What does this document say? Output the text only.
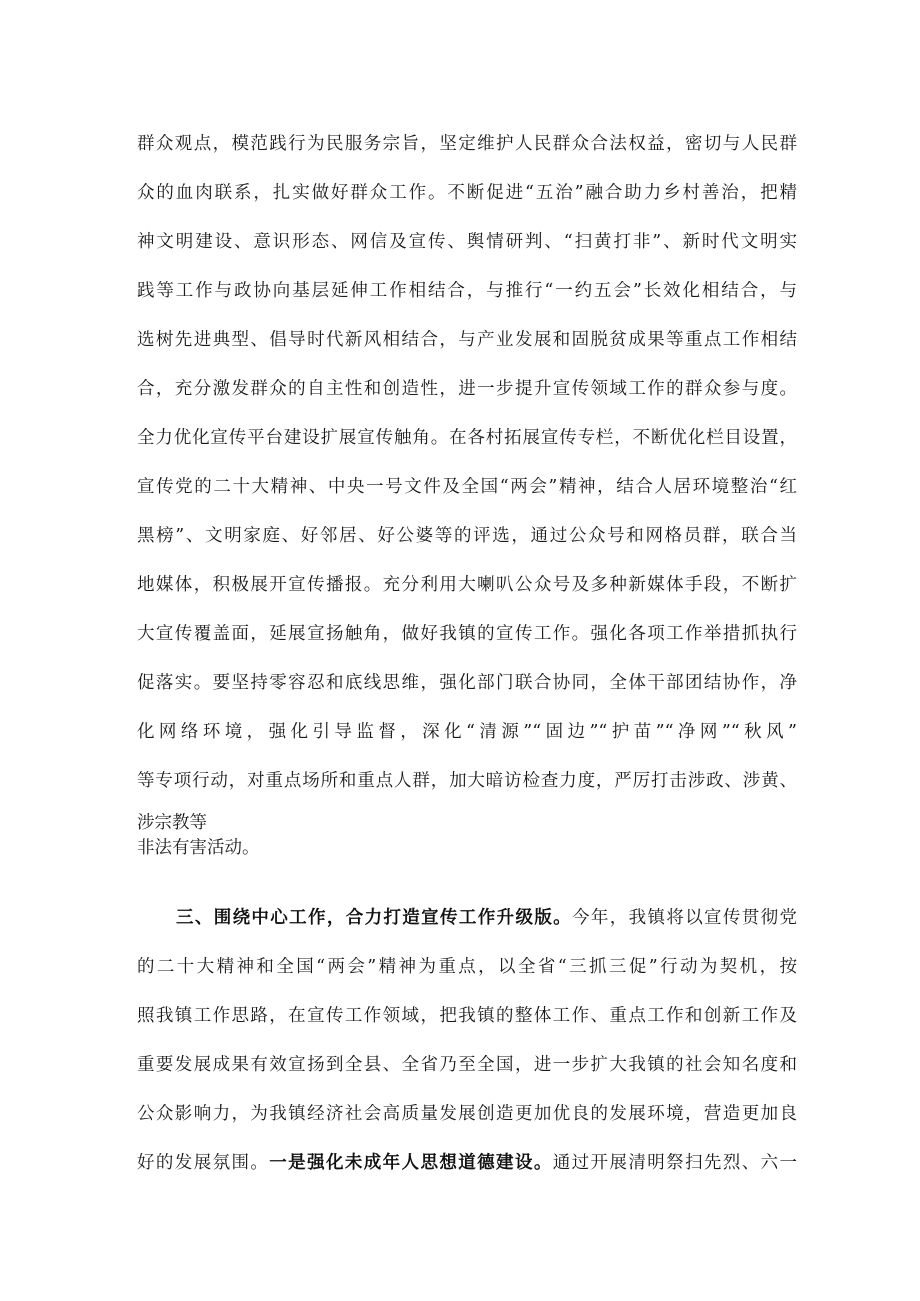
群众观点，模范践行为民服务宗旨，坚定维护人民群众合法权益，密切与人民群
众的血肉联系，扎实做好群众工作。不断促进“五治”融合助力乡村善治，把精
神文明建设、意识形态、网信及宣传、舆情研判、“扫黄打非”、新时代文明实
践等工作与政协向基层延伸工作相结合，与推行“一约五会”长效化相结合，与
选树先进典型、倡导时代新风相结合，与产业发展和固脱贫成果等重点工作相结
合，充分激发群众的自主性和创造性，进一步提升宣传领域工作的群众参与度。
全力优化宣传平台建设扩展宣传触角。在各村拓展宣传专栏，不断优化栏目设置，
宣传党的二十大精神、中央一号文件及全国“两会”精神，结合人居环境整治“红
黑榜”、文明家庭、好邻居、好公婆等的评选，通过公众号和网格员群，联合当
地媒体，积极展开宣传播报。充分利用大喇叭公众号及多种新媒体手段，不断扩
大宣传覆盖面，延展宣扬触角，做好我镇的宣传工作。强化各项工作举措抓执行
促落实。要坚持零容忍和底线思维，强化部门联合协同，全体干部团结协作，净
化网络环境，强化引导监督，深化“清源”“固边”“护苗”“净网”“秋风”
等专项行动，对重点场所和重点人群，加大暗访检查力度，严厉打击涉政、涉黄、
涉宗教等
非法有害活动。
三、围绕中心工作，合力打造宣传工作升级版。今年，我镇将以宣传贯彻党
的二十大精神和全国“两会”精神为重点，以全省“三抓三促”行动为契机，按
照我镇工作思路，在宣传工作领域，把我镇的整体工作、重点工作和创新工作及
重要发展成果有效宣扬到全县、全省乃至全国，进一步扩大我镇的社会知名度和
公众影响力，为我镇经济社会高质量发展创造更加优良的发展环境，营造更加良
好的发展氛围。一是强化未成年人思想道德建设。通过开展清明祭扫先烈、六一
